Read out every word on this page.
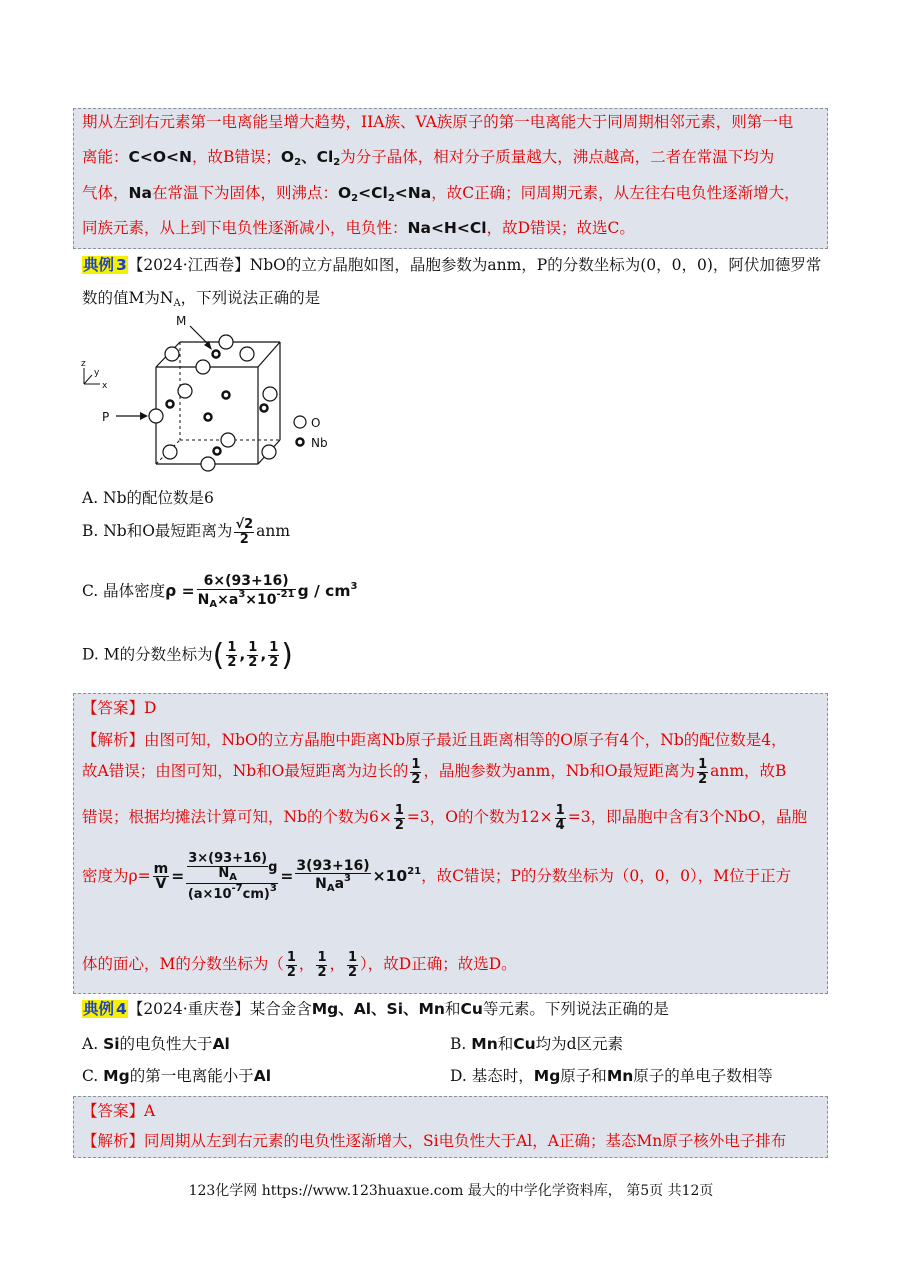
期从左到右元素第一电离能呈增大趋势，IIA族、VA族原子的第一电离能大于同周期相邻元素，则第一电
离能：C<O<N，故B错误；$O_2$、$Cl_2$为分子晶体，相对分子质量越大，沸点越高，二者在常温下均为
气体，Na在常温下为固体，则沸点：$O_2<Cl_2<Na$，故C正确；同周期元素，从左往右电负性逐渐增大，
同族元素，从上到下电负性逐渐减小，电负性：Na<H<Cl，故D错误；故选C。
典例 3【2024·江西卷】NbO的立方晶胞如图，晶胞参数为anm，P的分数坐标为(0，0，0)，阿伏加德罗常
数的值M为$N_A$，下列说法正确的是
M
P
z
y
x
O
Nb
A. Nb的配位数是6
B. Nb和O最短距离为 $\frac{√2}{2}$ anm
C. 晶体密度$\rho = \frac{6\times(93+16)}{N_A\times a^3\times 10^{-21}}$ g / $cm^3$
D. M的分数坐标为( $\frac{1}{2}$ , $\frac{1}{2}$ , $\frac{1}{2}$ )
【答案】D
【解析】由图可知，NbO的立方晶胞中距离Nb原子最近且距离相等的O原子有4个，Nb的配位数是4，
故A错误；由图可知，Nb和O最短距离为边长的 $\frac{1}{2}$ ，晶胞参数为anm，Nb和O最短距离为 $\frac{1}{2}$ anm，故B
错误；根据均摊法计算可知，Nb的个数为$6\times \frac{1}{2} =3$，O的个数为$12\times \frac{1}{4} =3$，即晶胞中含有3个NbO，晶胞
密度为$\rho= \frac{m}{V} = \frac{\frac{3\times(93+16)}{N_A} g}{(a\times 10^{-7}cm)^3} = \frac{3(93+16)}{N_Aa^3} \times 10^{21}$，故C错误；P的分数坐标为（0，0，0），M位于正方
体的面心，M的分数坐标为（ $\frac{1}{2}$ ， $\frac{1}{2}$ ， $\frac{1}{2}$ ），故D正确；故选D。
典例 4【2024·重庆卷】某合金含Mg、Al、Si、Mn和Cu等元素。下列说法正确的是
A. Si的电负性大于Al	B. Mn和Cu均为d区元素
C. Mg的第一电离能小于Al	D. 基态时，Mg原子和Mn原子的单电子数相等
【答案】A
【解析】同周期从左到右元素的电负性逐渐增大，Si电负性大于Al，A正确；基态Mn原子核外电子排布
123化学网 https://www.123huaxue.com 最大的中学化学资料库， 第5页 共12页
